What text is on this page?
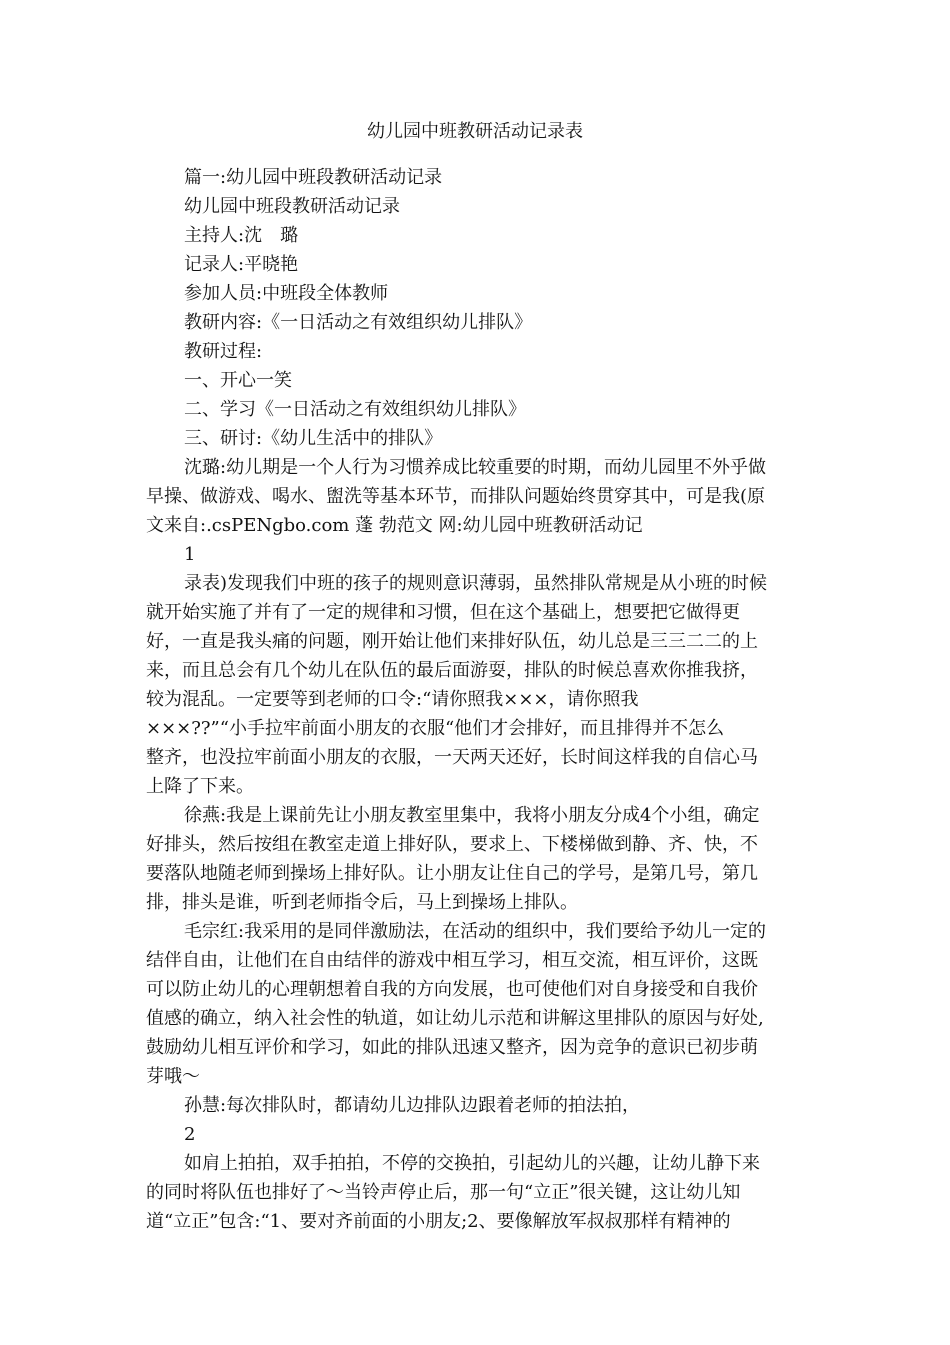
幼儿园中班教研活动记录表
篇一:幼儿园中班段教研活动记录
幼儿园中班段教研活动记录
主持人:沈　璐
记录人:平晓艳
参加人员:中班段全体教师
教研内容:《一日活动之有效组织幼儿排队》
教研过程:
一、开心一笑
二、学习《一日活动之有效组织幼儿排队》
三、研讨:《幼儿生活中的排队》
沈璐:幼儿期是一个人行为习惯养成比较重要的时期，而幼儿园里不外乎做
早操、做游戏、喝水、盥洗等基本环节，而排队问题始终贯穿其中，可是我(原
文来自:.csPENgbo.com 蓬 勃范文 网:幼儿园中班教研活动记
1
录表)发现我们中班的孩子的规则意识薄弱，虽然排队常规是从小班的时候
就开始实施了并有了一定的规律和习惯，但在这个基础上，想要把它做得更
好，一直是我头痛的问题，刚开始让他们来排好队伍，幼儿总是三三二二的上
来，而且总会有几个幼儿在队伍的最后面游耍，排队的时候总喜欢你推我挤，
较为混乱。一定要等到老师的口令:“请你照我×××，请你照我
×××??”“小手拉牢前面小朋友的衣服“他们才会排好，而且排得并不怎么
整齐，也没拉牢前面小朋友的衣服，一天两天还好，长时间这样我的自信心马
上降了下来。
徐燕:我是上课前先让小朋友教室里集中，我将小朋友分成4个小组，确定
好排头，然后按组在教室走道上排好队，要求上、下楼梯做到静、齐、快，不
要落队地随老师到操场上排好队。让小朋友让住自己的学号，是第几号，第几
排，排头是谁，听到老师指令后，马上到操场上排队。
毛宗红:我采用的是同伴激励法，在活动的组织中，我们要给予幼儿一定的
结伴自由，让他们在自由结伴的游戏中相互学习，相互交流，相互评价，这既
可以防止幼儿的心理朝想着自我的方向发展，也可使他们对自身接受和自我价
值感的确立，纳入社会性的轨道，如让幼儿示范和讲解这里排队的原因与好处,
鼓励幼儿相互评价和学习，如此的排队迅速又整齐，因为竞争的意识已初步萌
芽哦～
孙慧:每次排队时，都请幼儿边排队边跟着老师的拍法拍，
2
如肩上拍拍，双手拍拍，不停的交换拍，引起幼儿的兴趣，让幼儿静下来
的同时将队伍也排好了～当铃声停止后，那一句“立正”很关键，这让幼儿知
道“立正”包含:“1、要对齐前面的小朋友;2、要像解放军叔叔那样有精神的
